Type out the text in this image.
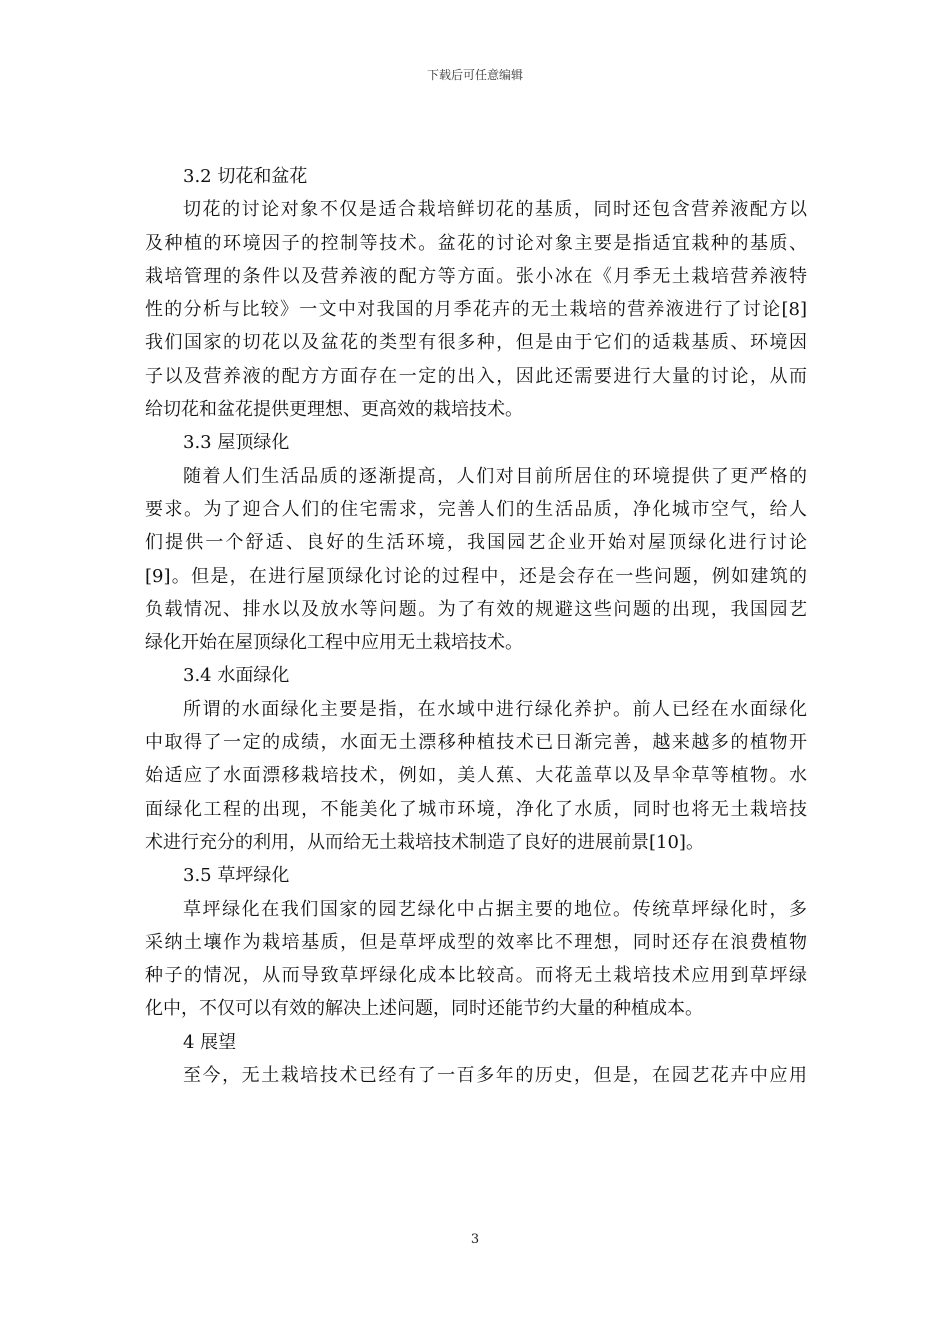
下载后可任意编辑
3.2 切花和盆花
切花的讨论对象不仅是适合栽培鲜切花的基质，同时还包含营养液配方以
及种植的环境因子的控制等技术。盆花的讨论对象主要是指适宜栽种的基质、
栽培管理的条件以及营养液的配方等方面。张小冰在《月季无土栽培营养液特
性的分析与比较》一文中对我国的月季花卉的无土栽培的营养液进行了讨论[8]
我们国家的切花以及盆花的类型有很多种，但是由于它们的适栽基质、环境因
子以及营养液的配方方面存在一定的出入，因此还需要进行大量的讨论，从而
给切花和盆花提供更理想、更高效的栽培技术。
3.3 屋顶绿化
随着人们生活品质的逐渐提高，人们对目前所居住的环境提供了更严格的
要求。为了迎合人们的住宅需求，完善人们的生活品质，净化城市空气，给人
们提供一个舒适、良好的生活环境，我国园艺企业开始对屋顶绿化进行讨论
[9]。但是，在进行屋顶绿化讨论的过程中，还是会存在一些问题，例如建筑的
负载情况、排水以及放水等问题。为了有效的规避这些问题的出现，我国园艺
绿化开始在屋顶绿化工程中应用无土栽培技术。
3.4 水面绿化
所谓的水面绿化主要是指，在水域中进行绿化养护。前人已经在水面绿化
中取得了一定的成绩，水面无土漂移种植技术已日渐完善，越来越多的植物开
始适应了水面漂移栽培技术，例如，美人蕉、大花盖草以及旱伞草等植物。水
面绿化工程的出现，不能美化了城市环境，净化了水质，同时也将无土栽培技
术进行充分的利用，从而给无土栽培技术制造了良好的进展前景[10]。
3.5 草坪绿化
草坪绿化在我们国家的园艺绿化中占据主要的地位。传统草坪绿化时，多
采纳土壤作为栽培基质，但是草坪成型的效率比不理想，同时还存在浪费植物
种子的情况，从而导致草坪绿化成本比较高。而将无土栽培技术应用到草坪绿
化中，不仅可以有效的解决上述问题，同时还能节约大量的种植成本。
4 展望
至今，无土栽培技术已经有了一百多年的历史，但是，在园艺花卉中应用
3
